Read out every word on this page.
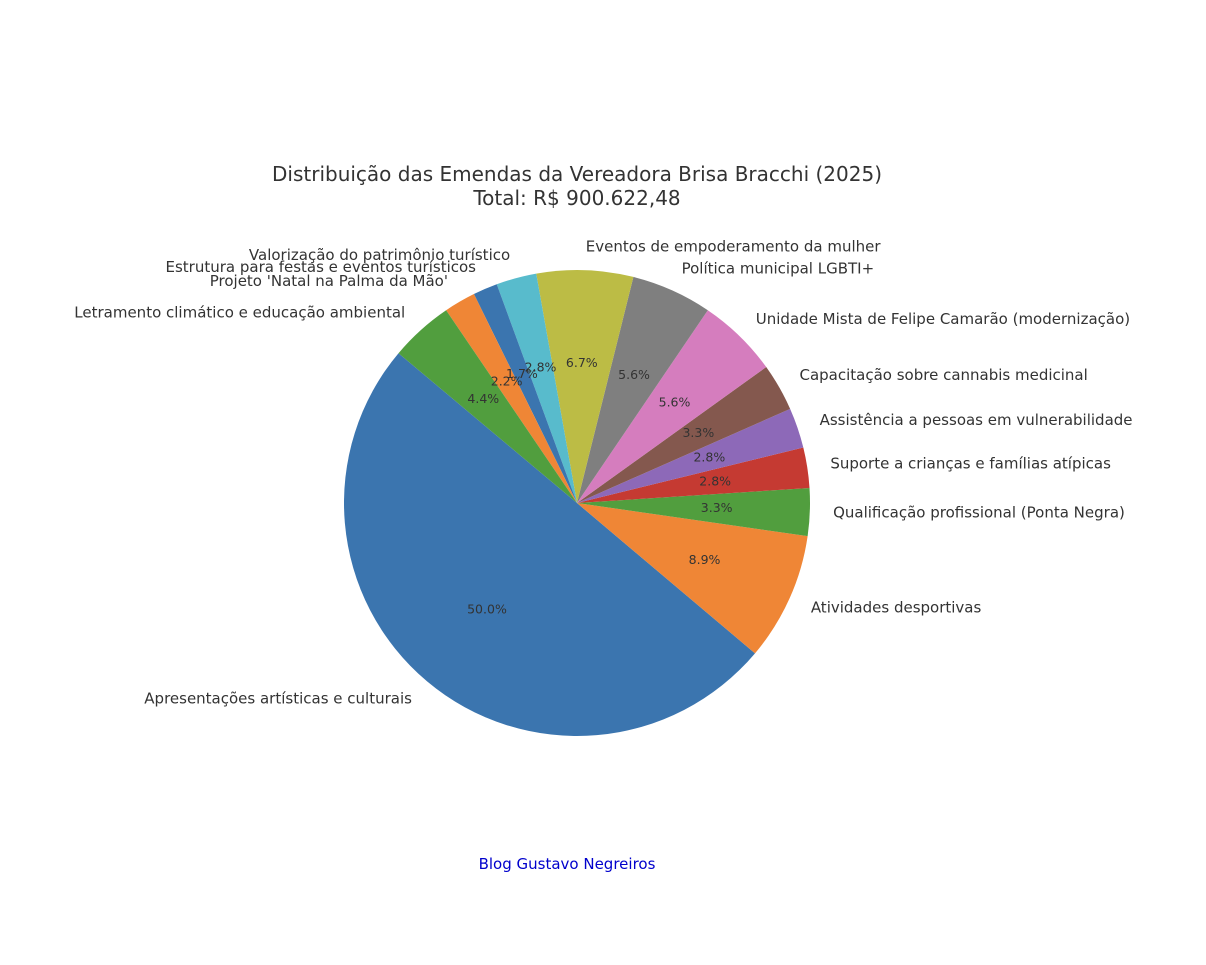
Distribuição das Emendas da Vereadora Brisa Bracchi (2025)
Total: R$ 900.622,48
Apresentações artísticas e culturais
Atividades desportivas
Qualificação profissional (Ponta Negra)
Suporte a crianças e famílias atípicas
Assistência a pessoas em vulnerabilidade
Capacitação sobre cannabis medicinal
Unidade Mista de Felipe Camarão (modernização)
Política municipal LGBTI+
Eventos de empoderamento da mulher
Valorização do patrimônio turístico
Estrutura para festas e eventos turísticos
Projeto 'Natal na Palma da Mão'
Letramento climático e educação ambiental
50.0%
8.9%
3.3%
2.8%
2.8%
3.3%
5.6%
5.6%
6.7%
2.8%
1.7%
2.2%
4.4%
Blog Gustavo Negreiros
